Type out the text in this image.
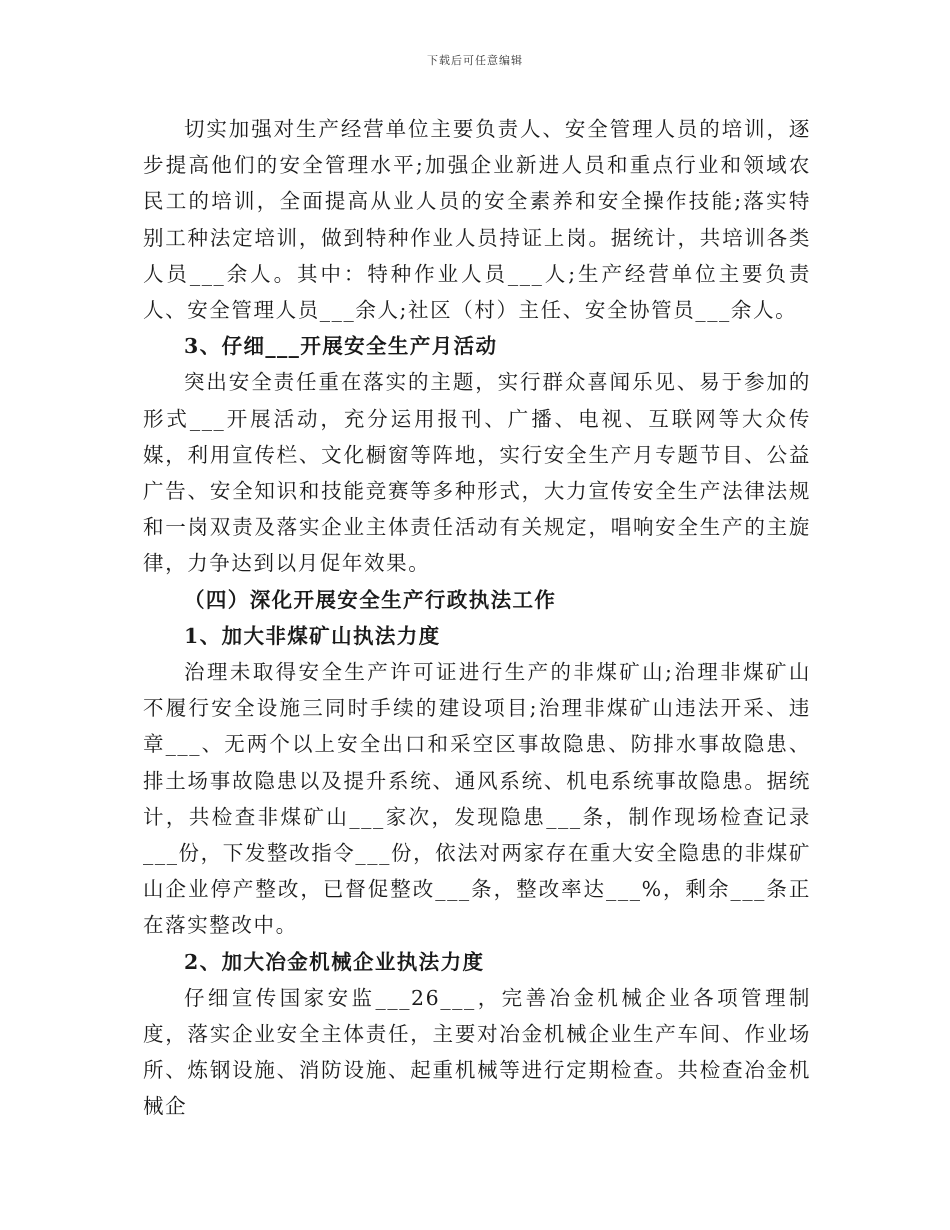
下载后可任意编辑

切实加强对生产经营单位主要负责人、安全管理人员的培训，逐步提高他们的安全管理水平;加强企业新进人员和重点行业和领域农民工的培训，全面提高从业人员的安全素养和安全操作技能;落实特别工种法定培训，做到特种作业人员持证上岗。据统计，共培训各类人员___余人。其中：特种作业人员___人;生产经营单位主要负责人、安全管理人员___余人;社区（村）主任、安全协管员___余人。

3、仔细___开展安全生产月活动

突出安全责任重在落实的主题，实行群众喜闻乐见、易于参加的形式___开展活动，充分运用报刊、广播、电视、互联网等大众传媒，利用宣传栏、文化橱窗等阵地，实行安全生产月专题节目、公益广告、安全知识和技能竞赛等多种形式，大力宣传安全生产法律法规和一岗双责及落实企业主体责任活动有关规定，唱响安全生产的主旋律，力争达到以月促年效果。

（四）深化开展安全生产行政执法工作

1、加大非煤矿山执法力度

治理未取得安全生产许可证进行生产的非煤矿山;治理非煤矿山不履行安全设施三同时手续的建设项目;治理非煤矿山违法开采、违章___、无两个以上安全出口和采空区事故隐患、防排水事故隐患、排土场事故隐患以及提升系统、通风系统、机电系统事故隐患。据统计，共检查非煤矿山___家次，发现隐患___条，制作现场检查记录___份，下发整改指令___份，依法对两家存在重大安全隐患的非煤矿山企业停产整改，已督促整改___条，整改率达___%，剩余___条正在落实整改中。

2、加大冶金机械企业执法力度

仔细宣传国家安监___26___，完善冶金机械企业各项管理制度，落实企业安全主体责任，主要对冶金机械企业生产车间、作业场所、炼钢设施、消防设施、起重机械等进行定期检查。共检查冶金机械企
